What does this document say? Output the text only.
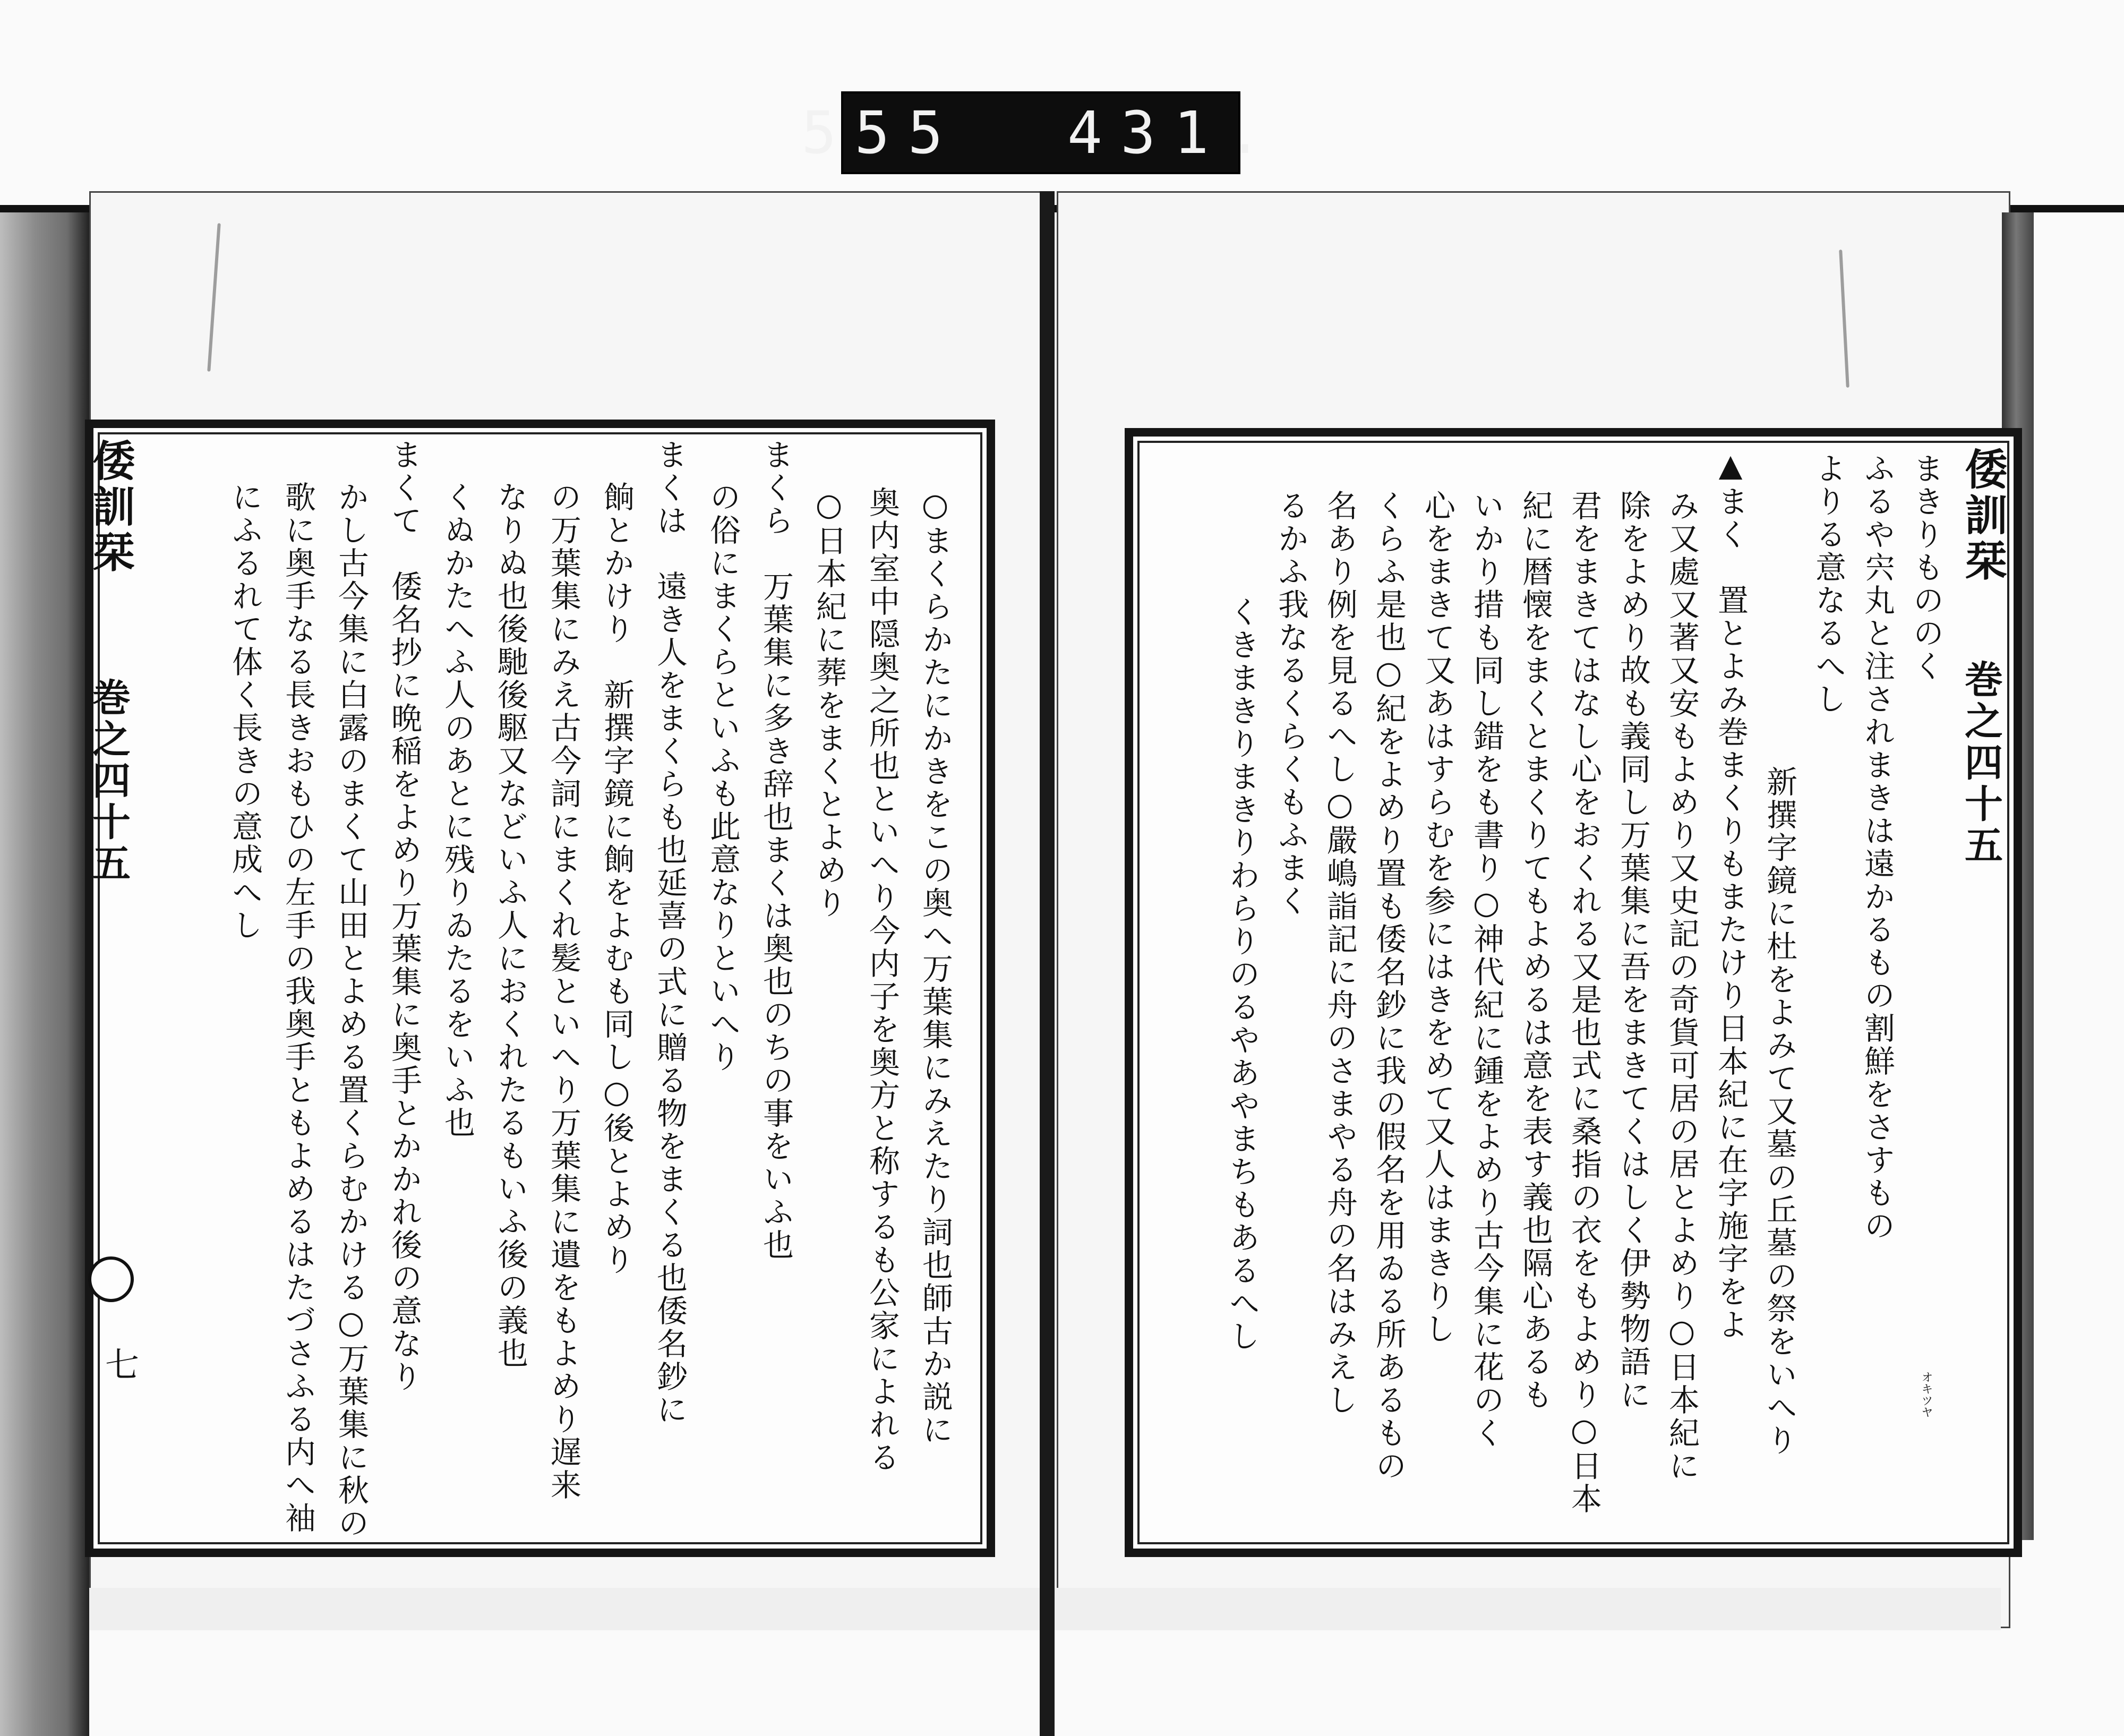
555 431.
倭訓栞
巻之四十五
七	○まくらかたにかきをこの奥へ万葉集にみえたり詞也師古か説に
奥内室中隠奥之所也といへり今内子を奥方と称するも公家によれる
○日本紀に葬をまくとよめり
まくら　万葉集に多き辞也まくは奥也のちの事をいふ也
の俗にまくらといふも此意なりといへり
まくは　遠き人をまくらも也延喜の式に贈る物をまくる也倭名鈔に
餉とかけり　新撰字鏡に餉をよむも同し○後とよめり
の万葉集にみえ古今詞にまくれ髪といへり万葉集に遺をもよめり遅来
なりぬ也後馳後駆又などいふ人におくれたるもいふ後の義也
くぬかたへふ人のあとに残りゐたるをいふ也
まくて　倭名抄に晩稲をよめり万葉集に奥手とかかれ後の意なり
かし古今集に白露のまくて山田とよめる置くらむかける○万葉集に秋の
歌に奥手なる長きおもひの左手の我奥手ともよめるはたづさふる内へ袖
にふるれて体く長きの意成へし	倭訓栞
巻之四十五
オキツヤ
まきりもののく
ふるや宍丸と注されまきは遠かるもの割鮮をさすもの
よりる意なるへし
新撰字鏡に杜をよみて又墓の丘墓の祭をいへり
▲まく　置とよみ巻まくりもまたけり日本紀に在字施字をよ
み又處又著又安もよめり又史記の奇貨可居の居とよめり○日本紀に
除をよめり故も義同し万葉集に吾をまきてくはしく伊勢物語に
君をまきてはなし心をおくれる又是也式に桑指の衣をもよめり○日本
紀に暦懐をまくとまくりてもよめるは意を表す義也隔心あるも
いかり措も同し錯をも書り○神代紀に鍾をよめり古今集に花のく
心をまきて又あはすらむを参にはきをめて又人はまきりし
くらふ是也○紀をよめり置も倭名鈔に我の假名を用ゐる所あるもの
名あり例を見るへし○嚴嶋詣記に舟のさまやる舟の名はみえし
るかふ我なるくらくもふまく
くきまきりまきりわらりのるやあやまちもあるへし
